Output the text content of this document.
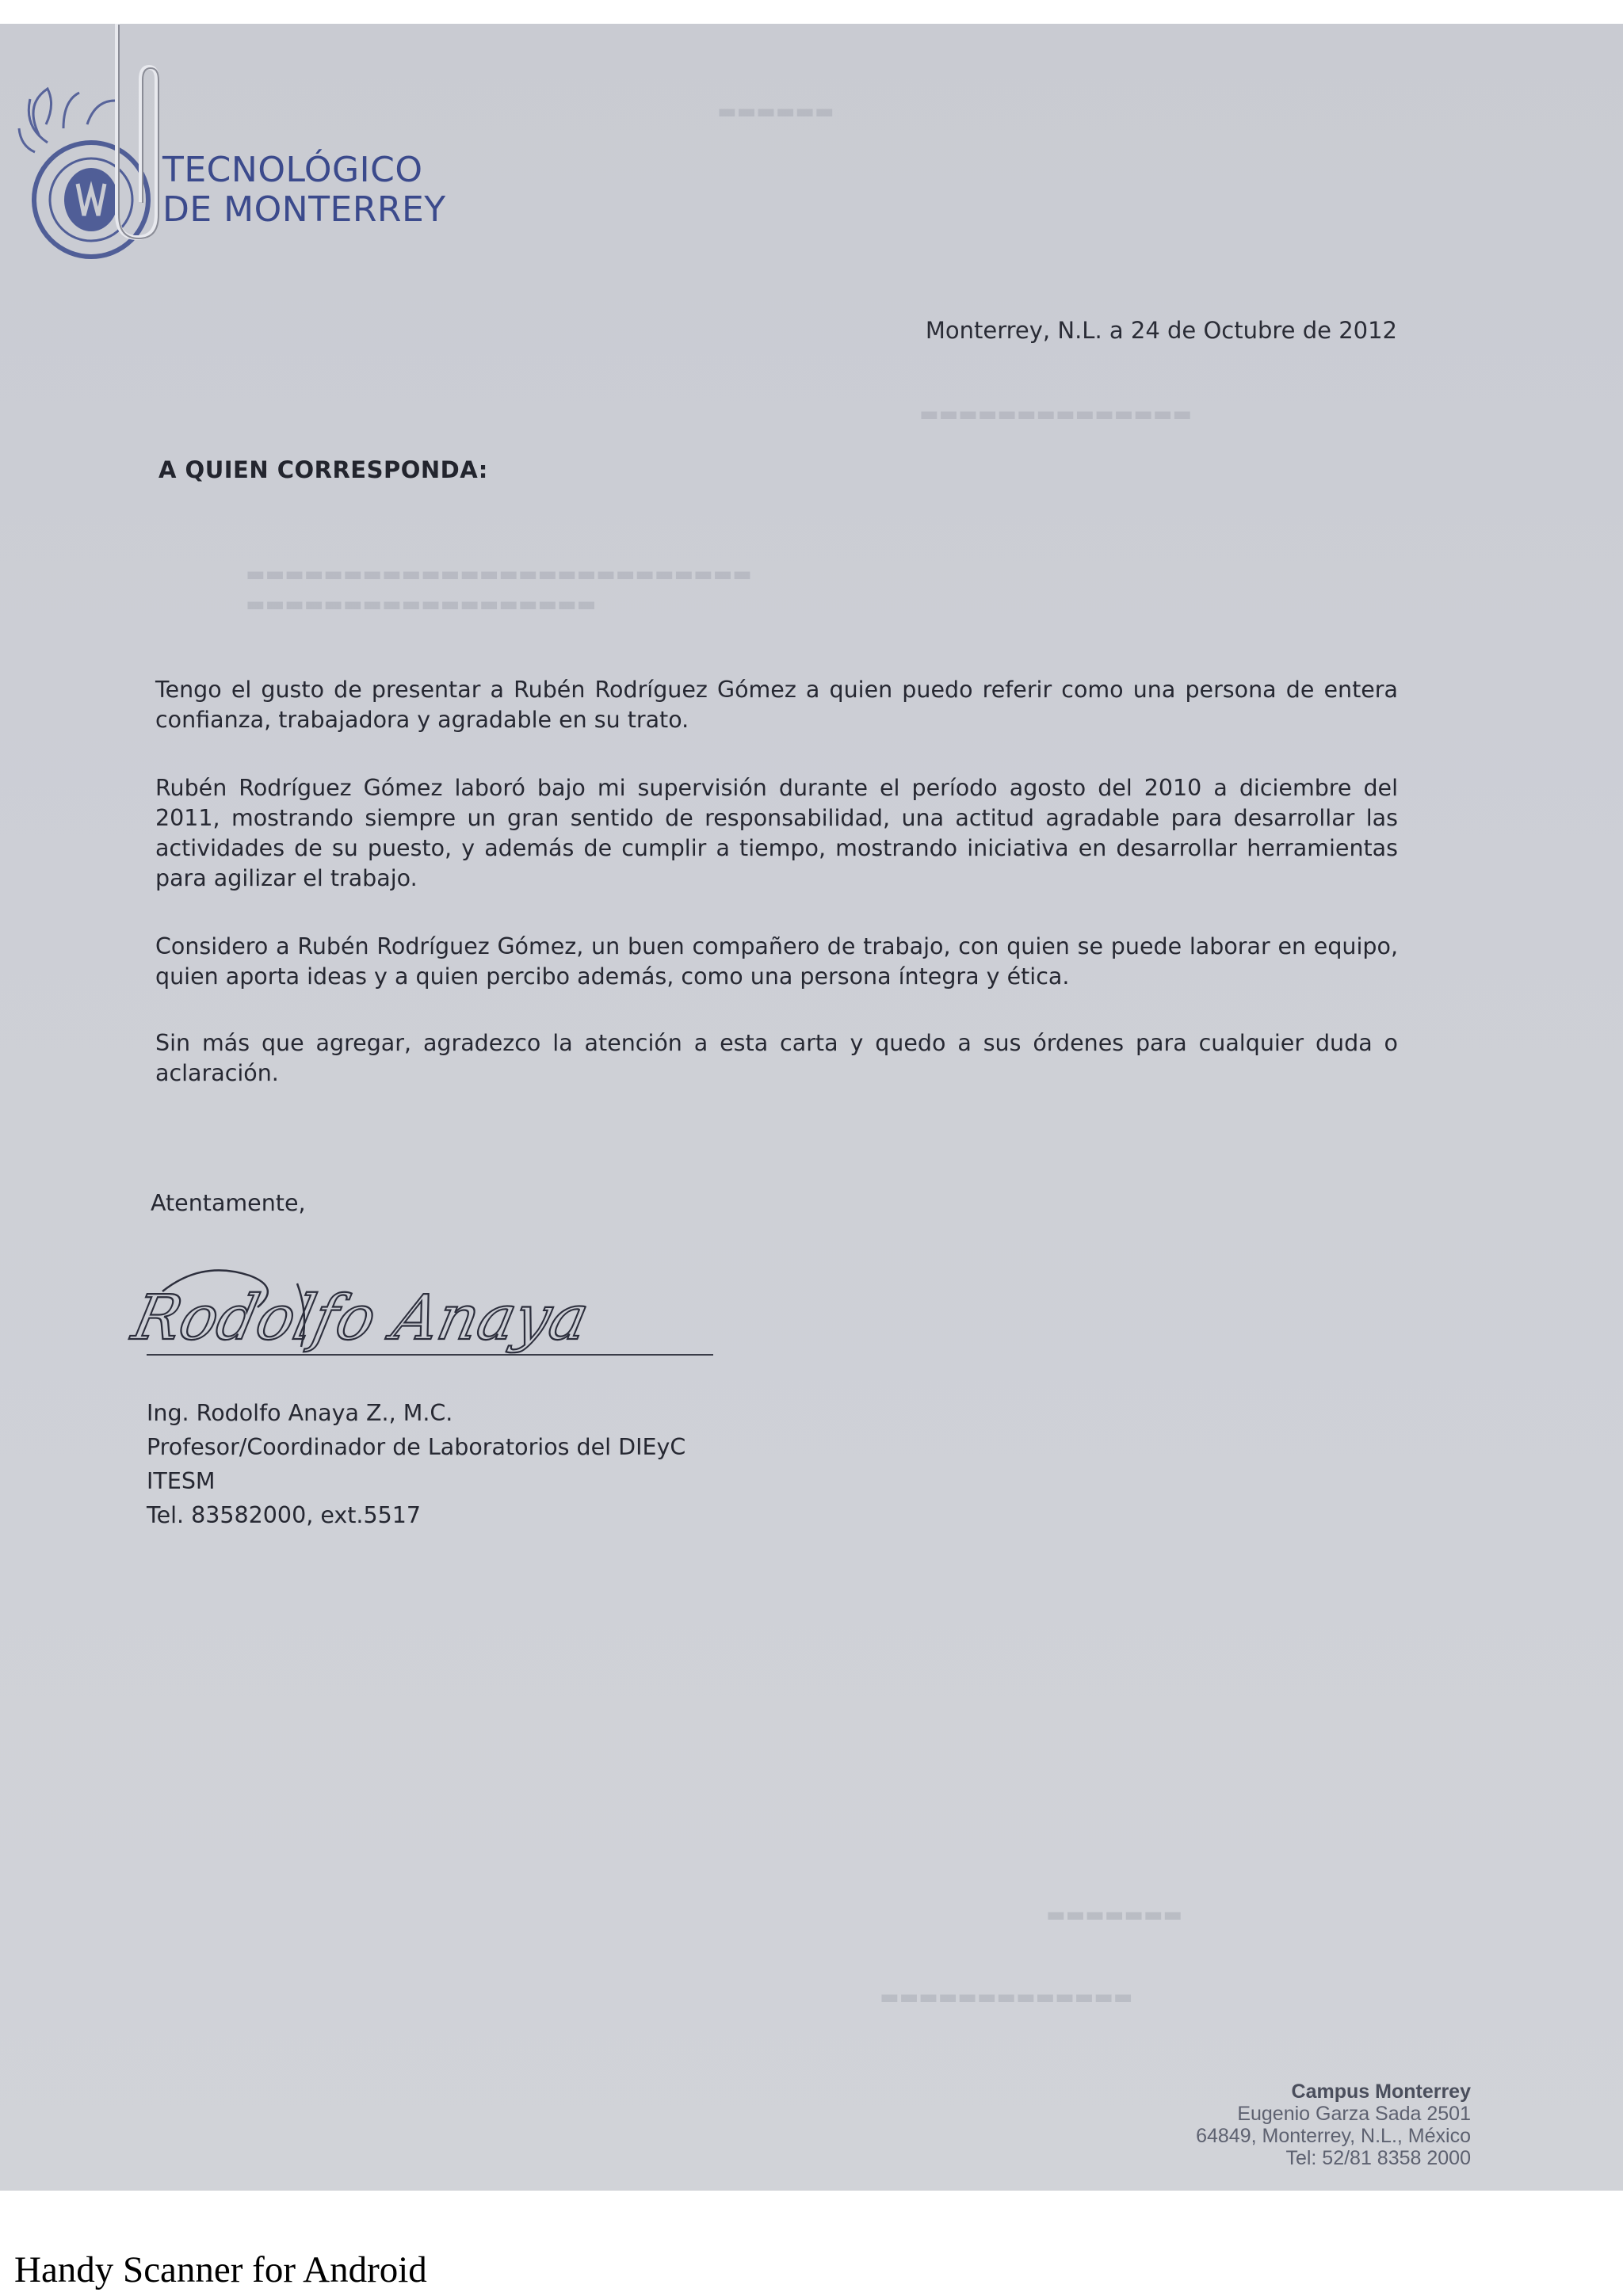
▬▬▬▬▬▬
▬▬▬▬▬▬▬▬▬▬▬▬▬▬
▬▬▬▬▬▬▬▬▬▬▬▬▬▬▬▬▬▬▬▬▬▬▬▬▬▬
▬▬▬▬▬▬▬▬▬▬▬▬▬▬▬▬▬▬
▬▬▬▬▬▬▬
▬▬▬▬▬▬▬▬▬▬▬▬▬
TECNOLÓGICO
DE MONTERREY
Monterrey, N.L. a 24 de Octubre de 2012
A QUIEN CORRESPONDA:
Tengo el gusto de presentar a Rubén Rodríguez Gómez a quien puedo referir como una persona de entera confianza, trabajadora y agradable en su trato.
Rubén Rodríguez Gómez laboró bajo mi supervisión durante el período agosto del 2010 a diciembre del 2011, mostrando siempre un gran sentido de responsabilidad, una actitud agradable para desarrollar las actividades de su puesto, y además de cumplir a tiempo, mostrando iniciativa en desarrollar herramientas para agilizar el trabajo.
Considero a Rubén Rodríguez Gómez, un buen compañero de trabajo, con quien se puede laborar en equipo, quien aporta ideas y a quien percibo además, como una persona íntegra y ética.
Sin más que agregar, agradezco la atención a esta carta y quedo a sus órdenes para cualquier duda o aclaración.
Atentamente,
Rodolfo Anaya
Ing. Rodolfo Anaya Z., M.C.
Profesor/Coordinador de Laboratorios del DIEyC
ITESM
Tel. 83582000, ext.5517
Campus Monterrey
Eugenio Garza Sada 2501
64849, Monterrey, N.L., México
Tel: 52/81 8358 2000
Handy Scanner for Android
